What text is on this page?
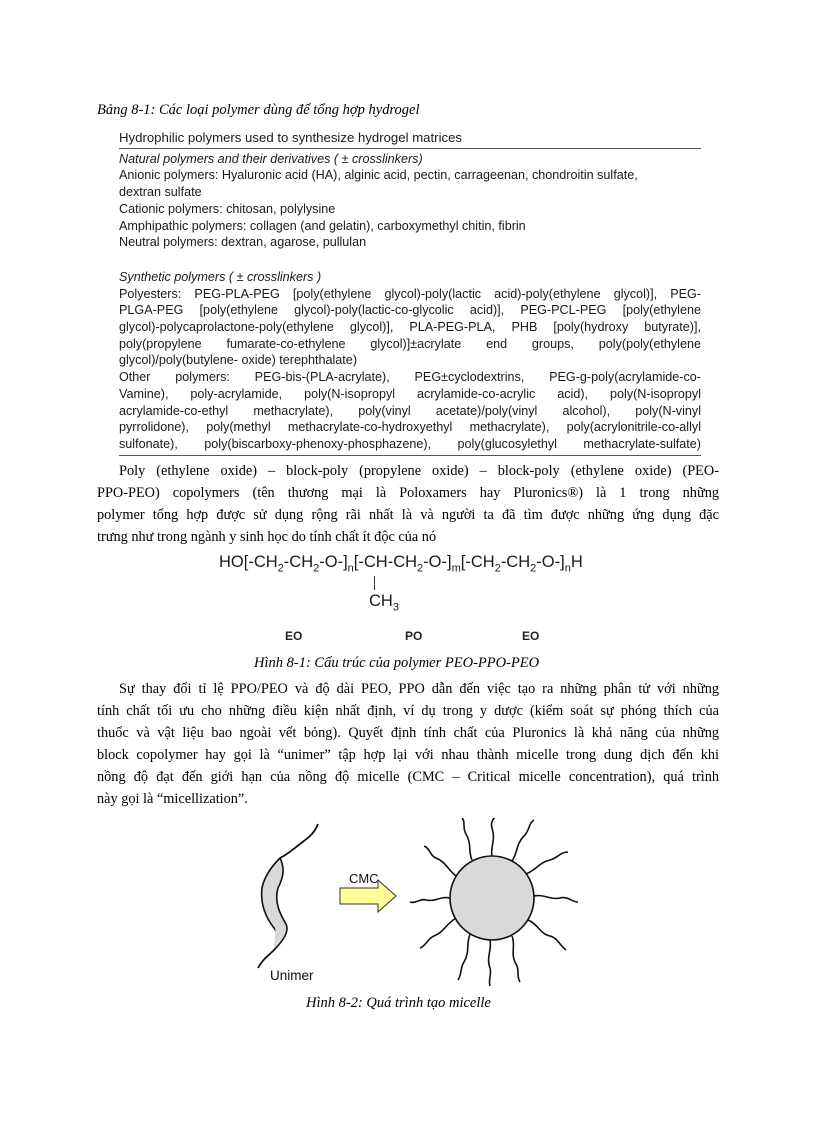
Bảng 8-1: Các loại polymer dùng để tổng hợp hydrogel

Hydrophilic polymers used to synthesize hydrogel matrices

Natural polymers and their derivatives ( ± crosslinkers)

Anionic polymers: Hyaluronic acid (HA), alginic acid, pectin, carrageenan, chondroitin sulfate,

dextran sulfate

Cationic polymers: chitosan, polylysine

Amphipathic polymers: collagen (and gelatin), carboxymethyl chitin, fibrin

Neutral polymers: dextran, agarose, pullulan

Synthetic polymers ( ± crosslinkers )

Polyesters: PEG-PLA-PEG [poly(ethylene glycol)-poly(lactic acid)-poly(ethylene glycol)], PEG-

PLGA-PEG [poly(ethylene glycol)-poly(lactic-co-glycolic acid)], PEG-PCL-PEG [poly(ethylene

glycol)-polycaprolactone-poly(ethylene glycol)], PLA-PEG-PLA, PHB [poly(hydroxy butyrate)],

poly(propylene fumarate-co-ethylene glycol)]±acrylate end groups, poly(poly(ethylene

glycol)/poly(butylene- oxide) terephthalate)

Other polymers: PEG-bis-(PLA-acrylate), PEG±cyclodextrins, PEG-g-poly(acrylamide-co-

Vamine), poly-acrylamide, poly(N-isopropyl acrylamide-co-acrylic acid), poly(N-isopropyl

acrylamide-co-ethyl methacrylate), poly(vinyl acetate)/poly(vinyl alcohol), poly(N-vinyl

pyrrolidone), poly(methyl methacrylate-co-hydroxyethyl methacrylate), poly(acrylonitrile-co-allyl

sulfonate), poly(biscarboxy-phenoxy-phosphazene), poly(glucosylethyl methacrylate-sulfate)

Poly (ethylene oxide) – block-poly (propylene oxide) – block-poly (ethylene oxide) (PEO-

PPO-PEO) copolymers (tên thương mại là Poloxamers hay Pluronics®) là 1 trong những

polymer tổng hợp được sử dụng rộng rãi nhất là và người ta đã tìm được những ứng dụng đặc

trưng như trong ngành y sinh học do tính chất ít độc của nó

$HO[-CH_2-CH_2-O-]_n[-CH-CH_2-O-]_m[-CH_2-CH_2-O-]_nH$
$CH_3$
EO	PO	EO
Hình 8-1: Cấu trúc của polymer PEO-PPO-PEO

Sự thay đổi tỉ lệ PPO/PEO và độ dài PEO, PPO dẫn đến việc tạo ra những phân tử với những

tính chất tối ưu cho những điều kiện nhất định, ví dụ trong y dược (kiểm soát sự phóng thích của

thuốc và vật liệu bao ngoài vết bỏng). Quyết định tính chất của Pluronics là khả năng của những

block copolymer hay gọi là “unimer” tập hợp lại với nhau thành micelle trong dung dịch đến khi

nồng độ đạt đến giới hạn của nồng độ micelle (CMC – Critical micelle concentration), quá trình

này gọi là “micellization”.

CMC
Unimer
Hình 8-2: Quá trình tạo micelle
